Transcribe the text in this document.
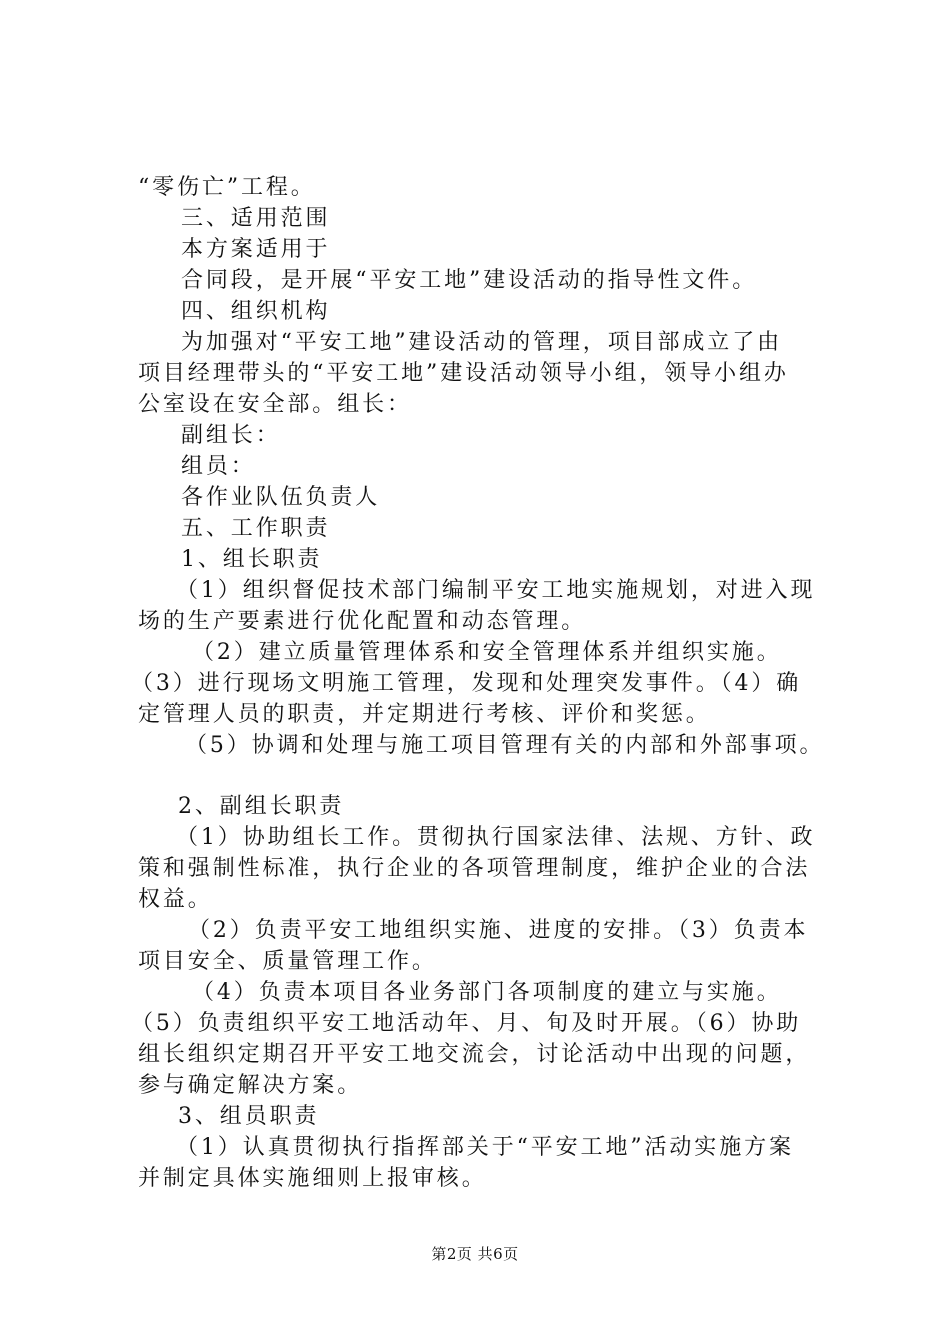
“零伤亡”工程。
三、适用范围
本方案适用于
合同段，是开展“平安工地”建设活动的指导性文件。
四、组织机构
为加强对“平安工地”建设活动的管理，项目部成立了由
项目经理带头的“平安工地”建设活动领导小组，领导小组办
公室设在安全部。组长：
副组长：
组员：
各作业队伍负责人
五、工作职责
1、组长职责
（1）组织督促技术部门编制平安工地实施规划，对进入现
场的生产要素进行优化配置和动态管理。
（2）建立质量管理体系和安全管理体系并组织实施。
（3）进行现场文明施工管理，发现和处理突发事件。（4）确
定管理人员的职责，并定期进行考核、评价和奖惩。
（5）协调和处理与施工项目管理有关的内部和外部事项。
2、副组长职责
（1）协助组长工作。贯彻执行国家法律、法规、方针、政
策和强制性标准，执行企业的各项管理制度，维护企业的合法
权益。
（2）负责平安工地组织实施、进度的安排。（3）负责本
项目安全、质量管理工作。
（4）负责本项目各业务部门各项制度的建立与实施。
（5）负责组织平安工地活动年、月、旬及时开展。（6）协助
组长组织定期召开平安工地交流会，讨论活动中出现的问题，
参与确定解决方案。
3、组员职责
（1）认真贯彻执行指挥部关于“平安工地”活动实施方案
并制定具体实施细则上报审核。
第2页 共6页
